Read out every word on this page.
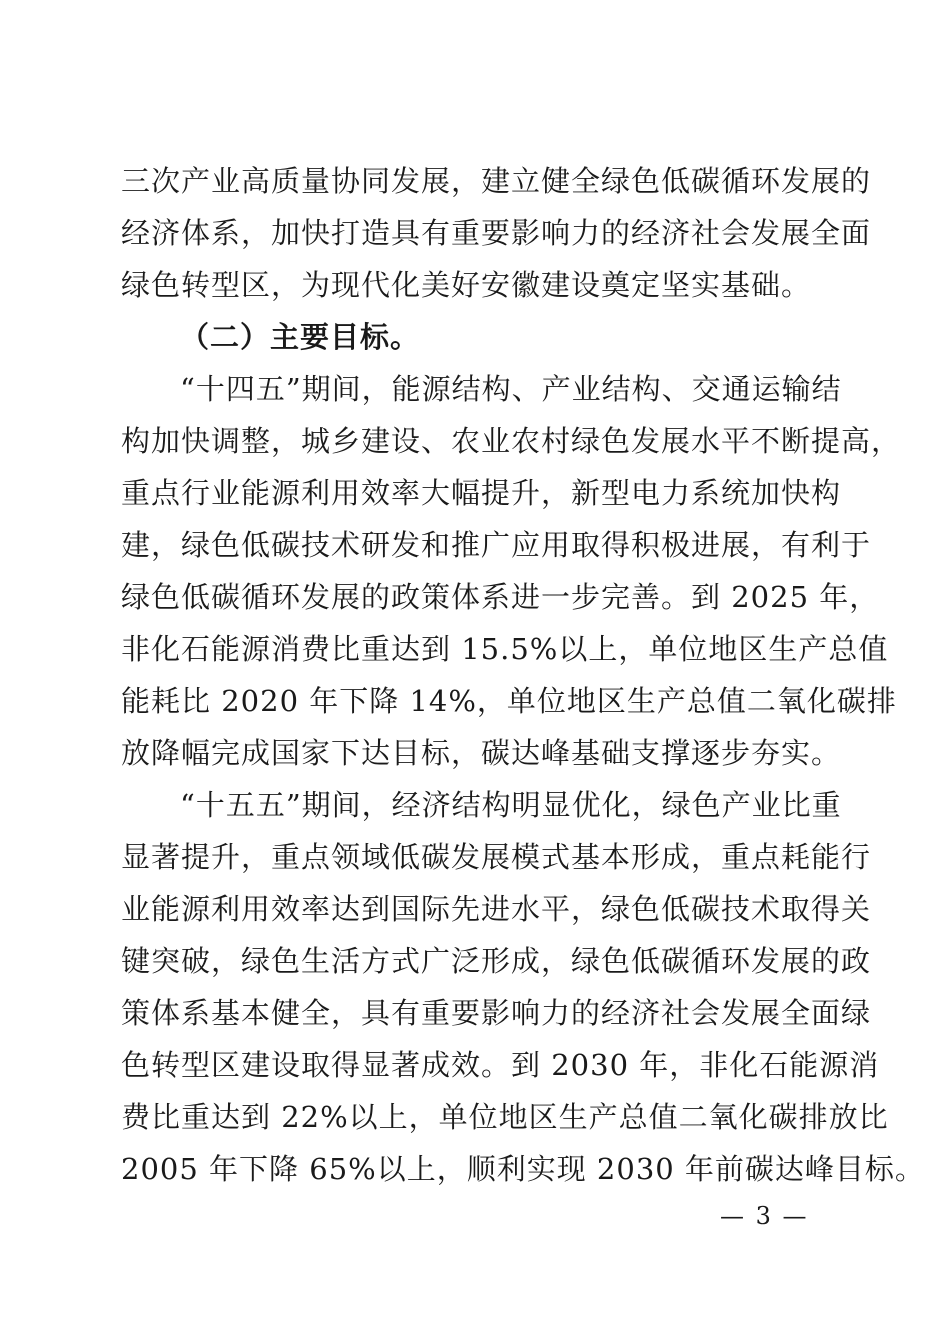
三次产业高质量协同发展，建立健全绿色低碳循环发展的
经济体系，加快打造具有重要影响力的经济社会发展全面
绿色转型区，为现代化美好安徽建设奠定坚实基础。
（二）主要目标。
“十四五”期间，能源结构、产业结构、交通运输结
构加快调整，城乡建设、农业农村绿色发展水平不断提高，
重点行业能源利用效率大幅提升，新型电力系统加快构
建，绿色低碳技术研发和推广应用取得积极进展，有利于
绿色低碳循环发展的政策体系进一步完善。到 2025 年，
非化石能源消费比重达到 15.5%以上，单位地区生产总值
能耗比 2020 年下降 14%，单位地区生产总值二氧化碳排
放降幅完成国家下达目标，碳达峰基础支撑逐步夯实。
“十五五”期间，经济结构明显优化，绿色产业比重
显著提升，重点领域低碳发展模式基本形成，重点耗能行
业能源利用效率达到国际先进水平，绿色低碳技术取得关
键突破，绿色生活方式广泛形成，绿色低碳循环发展的政
策体系基本健全，具有重要影响力的经济社会发展全面绿
色转型区建设取得显著成效。到 2030 年，非化石能源消
费比重达到 22%以上，单位地区生产总值二氧化碳排放比
2005 年下降 65%以上，顺利实现 2030 年前碳达峰目标。
— 3 —
